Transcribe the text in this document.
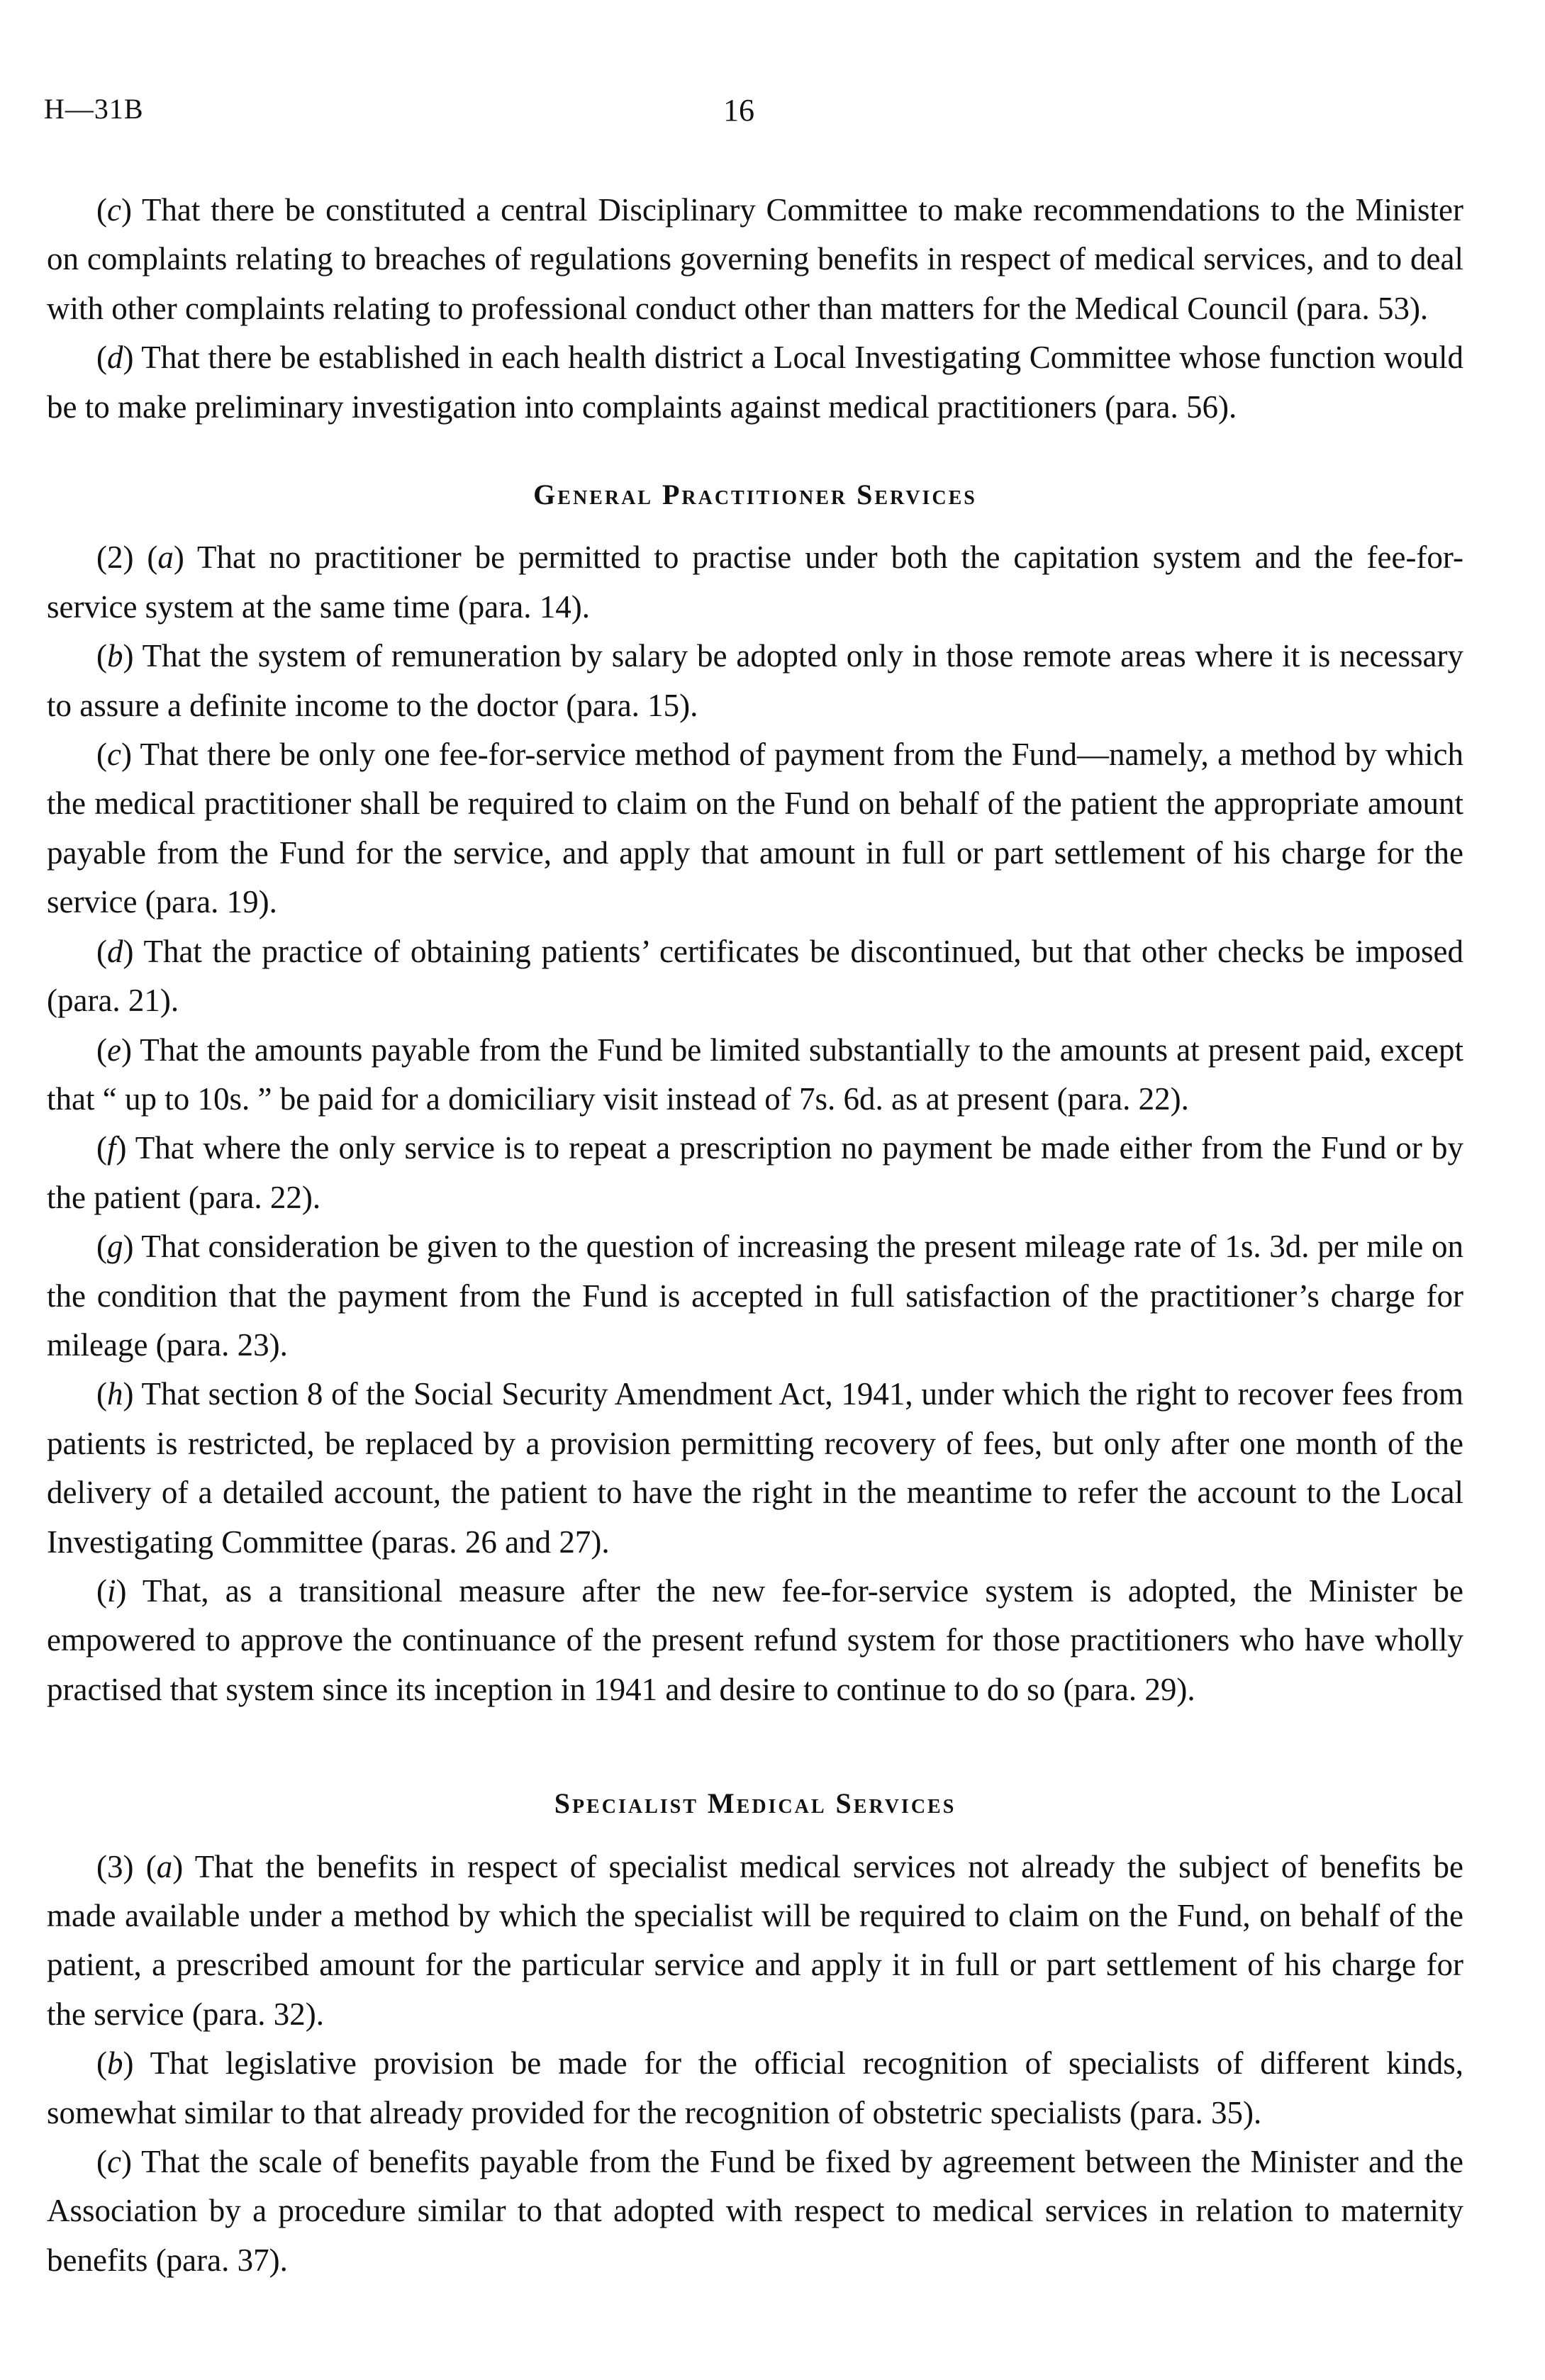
H—31B	16

(c) That there be constituted a central Disciplinary Committee to make recommendations to the Minister on complaints relating to breaches of regulations governing benefits in respect of medical services, and to deal with other complaints relating to professional conduct other than matters for the Medical Council (para. 53).

(d) That there be established in each health district a Local Investigating Committee whose function would be to make preliminary investigation into complaints against medical practitioners (para. 56).

General Practitioner Services

(2) (a) That no practitioner be permitted to practise under both the capitation system and the fee-for-service system at the same time (para. 14).

(b) That the system of remuneration by salary be adopted only in those remote areas where it is necessary to assure a definite income to the doctor (para. 15).

(c) That there be only one fee-for-service method of payment from the Fund—namely, a method by which the medical practitioner shall be required to claim on the Fund on behalf of the patient the appropriate amount payable from the Fund for the service, and apply that amount in full or part settlement of his charge for the service (para. 19).

(d) That the practice of obtaining patients’ certificates be discontinued, but that other checks be imposed (para. 21).

(e) That the amounts payable from the Fund be limited substantially to the amounts at present paid, except that “ up to 10s. ” be paid for a domiciliary visit instead of 7s. 6d. as at present (para. 22).

(f) That where the only service is to repeat a prescription no payment be made either from the Fund or by the patient (para. 22).

(g) That consideration be given to the question of increasing the present mileage rate of 1s. 3d. per mile on the condition that the payment from the Fund is accepted in full satisfaction of the practitioner’s charge for mileage (para. 23).

(h) That section 8 of the Social Security Amendment Act, 1941, under which the right to recover fees from patients is restricted, be replaced by a provision permitting recovery of fees, but only after one month of the delivery of a detailed account, the patient to have the right in the meantime to refer the account to the Local Investigating Committee (paras. 26 and 27).

(i) That, as a transitional measure after the new fee-for-service system is adopted, the Minister be empowered to approve the continuance of the present refund system for those practitioners who have wholly practised that system since its inception in 1941 and desire to continue to do so (para. 29).

Specialist Medical Services

(3) (a) That the benefits in respect of specialist medical services not already the subject of benefits be made available under a method by which the specialist will be required to claim on the Fund, on behalf of the patient, a prescribed amount for the particular service and apply it in full or part settlement of his charge for the service (para. 32).

(b) That legislative provision be made for the official recognition of specialists of different kinds, somewhat similar to that already provided for the recognition of obstetric specialists (para. 35).

(c) That the scale of benefits payable from the Fund be fixed by agreement between the Minister and the Association by a procedure similar to that adopted with respect to medical services in relation to maternity benefits (para. 37).
